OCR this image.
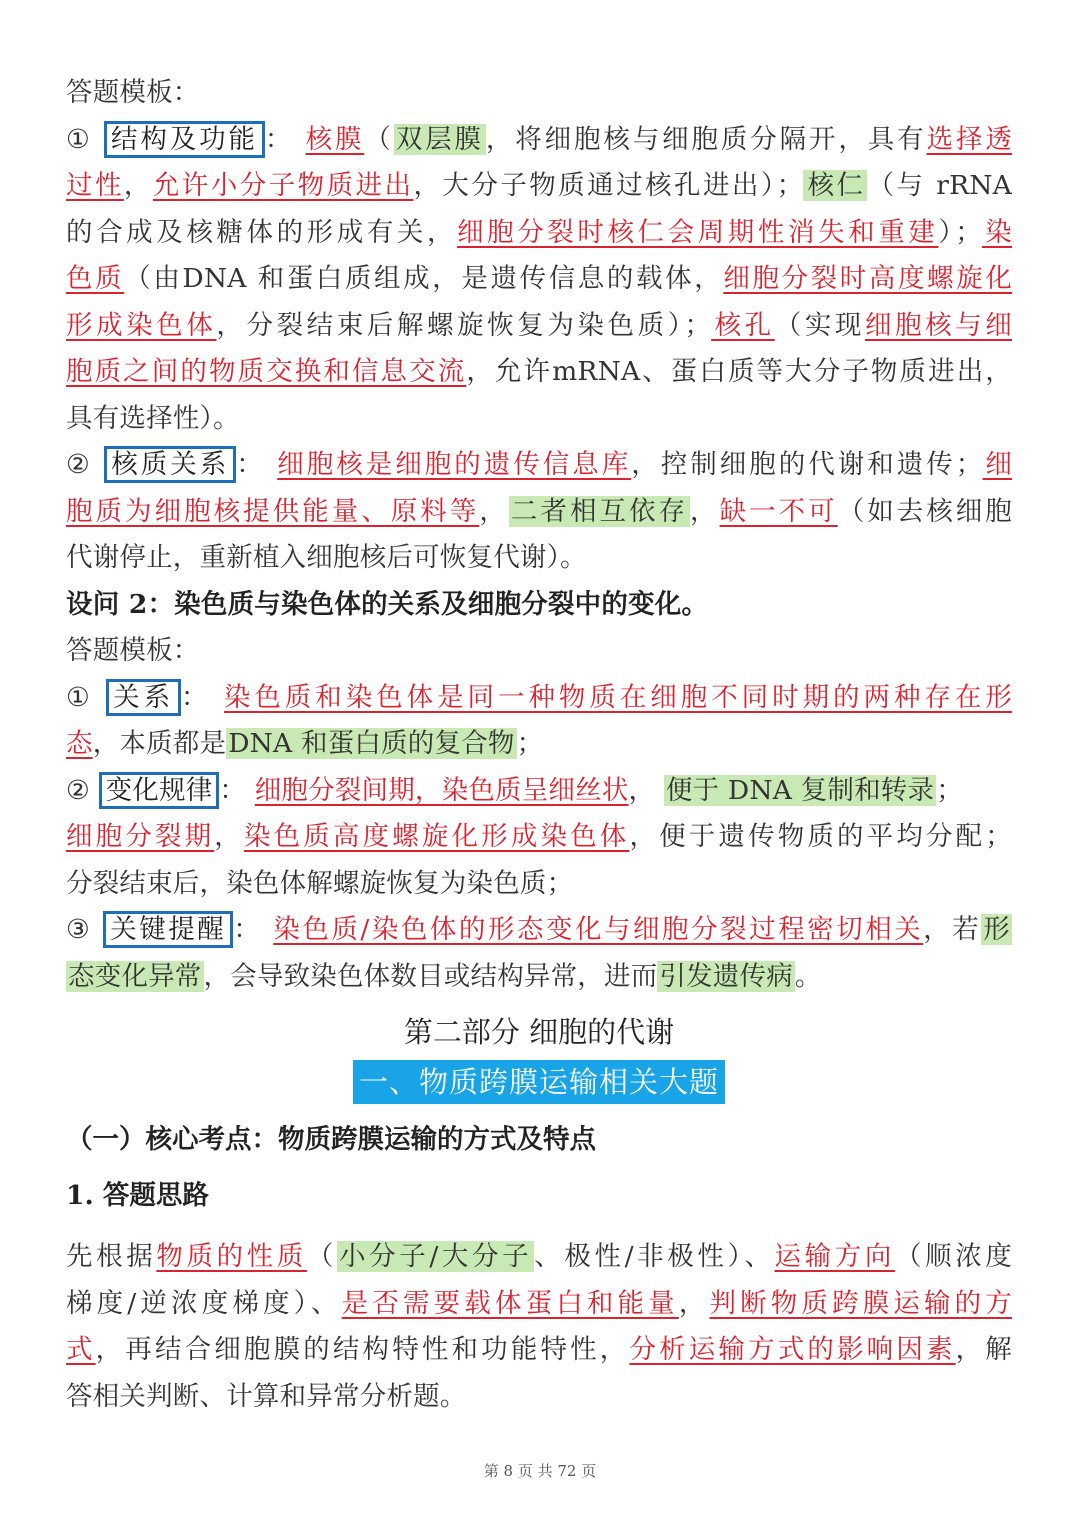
答题模板：
① 结构及功能 ： 核膜（双层膜，将细胞核与细胞质分隔开，具有选择透
过性，允许小分子物质进出，大分子物质通过核孔进出）；核仁（与 rRNA
的合成及核糖体的形成有关，细胞分裂时核仁会周期性消失和重建）；染
色质（由DNA 和蛋白质组成，是遗传信息的载体，细胞分裂时高度螺旋化
形成染色体，分裂结束后解螺旋恢复为染色质）；核孔（实现细胞核与细
胞质之间的物质交换和信息交流，允许mRNA、蛋白质等大分子物质进出，
具有选择性）。
② 核质关系 ： 细胞核是细胞的遗传信息库，控制细胞的代谢和遗传；细
胞质为细胞核提供能量、原料等，二者相互依存，缺一不可（如去核细胞
代谢停止，重新植入细胞核后可恢复代谢）。
设问 2：染色质与染色体的关系及细胞分裂中的变化。
答题模板：
① 关系 ： 染色质和染色体是同一种物质在细胞不同时期的两种存在形
态，本质都是DNA 和蛋白质的复合物；
② 变化规律 ： 细胞分裂间期，染色质呈细丝状， 便于 DNA 复制和转录；
细胞分裂期，染色质高度螺旋化形成染色体，便于遗传物质的平均分配；
分裂结束后，染色体解螺旋恢复为染色质；
③ 关键提醒 ： 染色质/染色体的形态变化与细胞分裂过程密切相关，若形
态变化异常，会导致染色体数目或结构异常，进而引发遗传病。
第二部分 细胞的代谢
一、物质跨膜运输相关大题
（一）核心考点：物质跨膜运输的方式及特点
1. 答题思路
先根据物质的性质（小分子/大分子、极性/非极性）、运输方向（顺浓度
梯度/逆浓度梯度）、是否需要载体蛋白和能量，判断物质跨膜运输的方
式，再结合细胞膜的结构特性和功能特性，分析运输方式的影响因素，解
答相关判断、计算和异常分析题。
第 8 页 共 72 页
